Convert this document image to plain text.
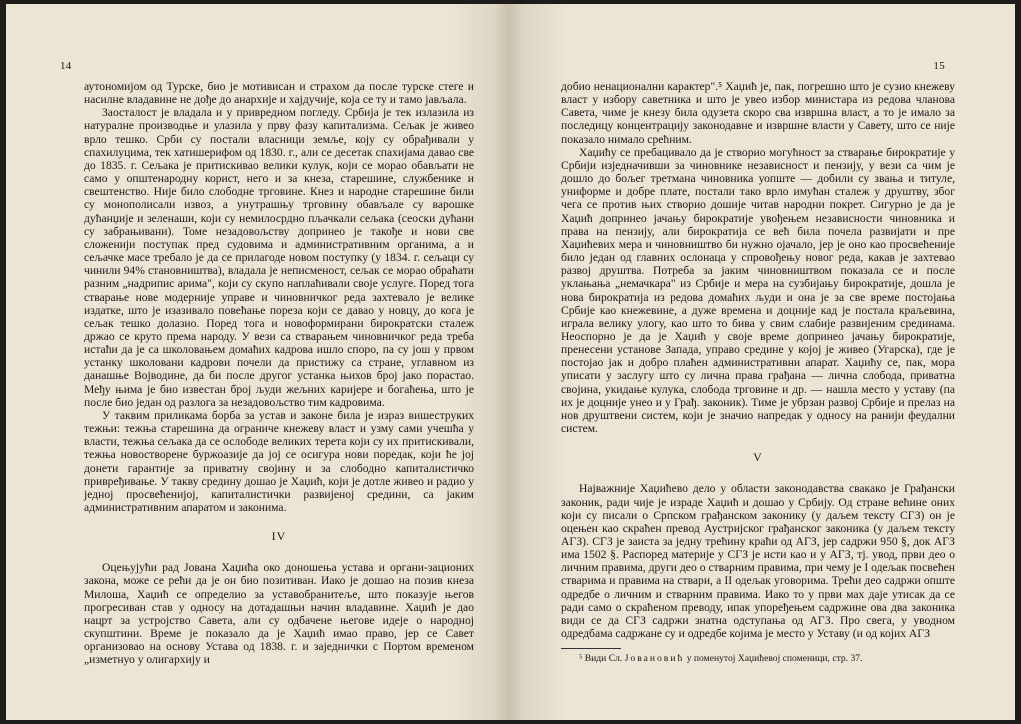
14

аутономијом од Турске, био је мотивисан и страхом да после турске стеге и насилне владавине не дође до анархије и хајдучије, која се ту и тамо јављала.

Заосталост је владала и у привредном погледу. Србија је тек излазила из натуралне производње и улазила у прву фазу капитализма. Сељак је живео врло тешко. Срби су постали власници земље, коју су обрађивали у спахилуцима, тек хатишерифом од 1830. г., али се десетак спахијама давао све до 1835. г. Сељака је притискивао велики кулук, који се морао обављати не само у општенародну корист, него и за кнеза, старешине, службенике и свештенство. Није било слободне трговине. Кнез и народне старешине били су монополисали извоз, а унутрашњу трговину обављале су варошке дућанџије и зеленаши, који су немилосрдно пљачкали сељака (сеоски дућани су забрањивани). Томе незадовољству допринео је такође и нови све сложенији поступак пред судовима и административним органима, а и сељачке масе требало је да се прилагоде новом поступку (у 1834. г. сељаци су чинили 94% становништва), владала је неписменост, сељак се морао обраћати разним „надрипис арима", који су скупо наплаћивали своје услуге. Поред тога стварање нове модерније управе и чиновничког реда захтевало је велике издатке, што је изазивало повећање пореза који се давао у новцу, до кога је сељак тешко долазио. Поред тога и новоформирани бирократски сталеж држао се круто према народу. У вези са стварањем чиновничког реда треба истаћи да је са школовањем домаћих кадрова ишло споро, па су још у првом устанку школовани кадрови почели да пристижу са стране, углавном из данашње Војводине, да би после другог устанка њихов број јако порастао. Међу њима је био известан број људи жељних каријере и богаћења, што је после био један од разлога за незадовољство тим кадровима.

У таквим приликама борба за устав и законе била је израз вишеструких тежњи: тежња старешина да ограниче кнежеву власт и узму сами учешћа у власти, тежња сељака да се ослободе великих терета који су их притискивали, тежња новостворене буржоазије да јој се осигура нови поредак, који ће јој донети гарантије за приватну својину и за слободно капиталистичко привређивање. У такву средину дошао је Хаџић, који је дотле живео и радио у једној просвећенијој, капиталистички развијеној средини, са јаким административним апаратом и законима.

IV

Оцењујући рад Јована Хаџића око доношења устава и органи-зационих закона, може се рећи да је он био позитиван. Иако је дошао на позив кнеза Милоша, Хаџић се определио за уставобранитеље, што показује његов прогресиван став у односу на дотадашњи начин владавине. Хаџић је дао нацрт за устројство Савета, али су одбачене његове идеје о народној скупштини. Време је показало да је Хаџић имао право, јер се Савет организовао на основу Устава од 1838. г. и заједнички с Портом временом „изметнуо у олигархију и

15

добио ненационални карактер".⁵ Хаџић је, пак, погрешио што је сузио кнежеву власт у избору саветника и што је увео избор министара из редова чланова Савета, чиме је кнезу била одузета скоро сва извршна власт, а то је имало за последицу концентрацију законодавне и извршне власти у Савету, што се није показало нимало срећним.

Хаџићу се пребацивало да је створио могућност за стварање бирократије у Србији изједначивши за чиновнике независност и пензију, у вези са чим је дошло до бољег третмана чиновника уопште — добили су звања и титуле, униформе и добре плате, постали тако врло имућан сталеж у друштву, због чега се против њих створио дошије читав народни покрет. Сигурно је да је Хаџић допринео јачању бирократије увођењем независности чиновника и права на пензију, али бирократија се већ била почела развијати и пре Хаџићевих мера и чиновништво би нужно ојачало, јер је оно као просвећеније било један од главних ослонаца у спровођењу новог реда, какав је захтевао развој друштва. Потреба за јаким чиновништвом показала се и после уклањања „немачкара" из Србије и мера на сузбијању бирократије, дошла је нова бирократија из редова домаћих људи и она је за све време постојања Србије као кнежевине, а дуже времена и доцније кад је постала краљевина, играла велику улогу, као што то бива у свим слабије развијеним срединама. Неоспорно је да је Хаџић у своје време допринео јачању бирократије, пренесени установе Запада, управо средине у којој је живео (Угарска), где је постојао јак и добро плаћен административни апарат. Хаџићу се, пак, мора уписати у заслугу што су лична права грађана — лична слобода, приватна својина, укидање кулука, слобода трговине и др. — нашла место у уставу (па их је доцније унео и у Грађ. законик). Тиме је убрзан развој Србије и прелаз на нов друштвени систем, који је значио напредак у односу на ранији феудални систем.

V

Најважније Хаџићево дело у области законодавства свакако је Грађански законик, ради чије је израде Хаџић и дошао у Србију. Од стране већине оних који су писали о Српском грађанском законику (у даљем тексту СГЗ) он је оцењен као скраћен превод Аустријског грађанског законика (у даљем тексту АГЗ). СГЗ је заиста за једну трећину краћи од АГЗ, јер садржи 950 §, док АГЗ има 1502 §. Распоред материје у СГЗ је исти као и у АГЗ, тј. увод, први део о личним правима, други део о стварним правима, при чему је I одељак посвећен стварима и правима на ствари, а II одељак уговорима. Трећи део садржи опште одредбе о личним и стварним правима. Иако то у први мах даје утисак да се ради само о скраћеном преводу, ипак упоређењем садржине ова два законика види се да СГЗ садржи знатна одступања од АГЗ. Про свега, у уводном одредбама садржане су и одредбе којима је место у Уставу (и од којих АГЗ

⁵ Види Сл. Јовановић у поменутој Хаџићевој споменици, стр. 37.
